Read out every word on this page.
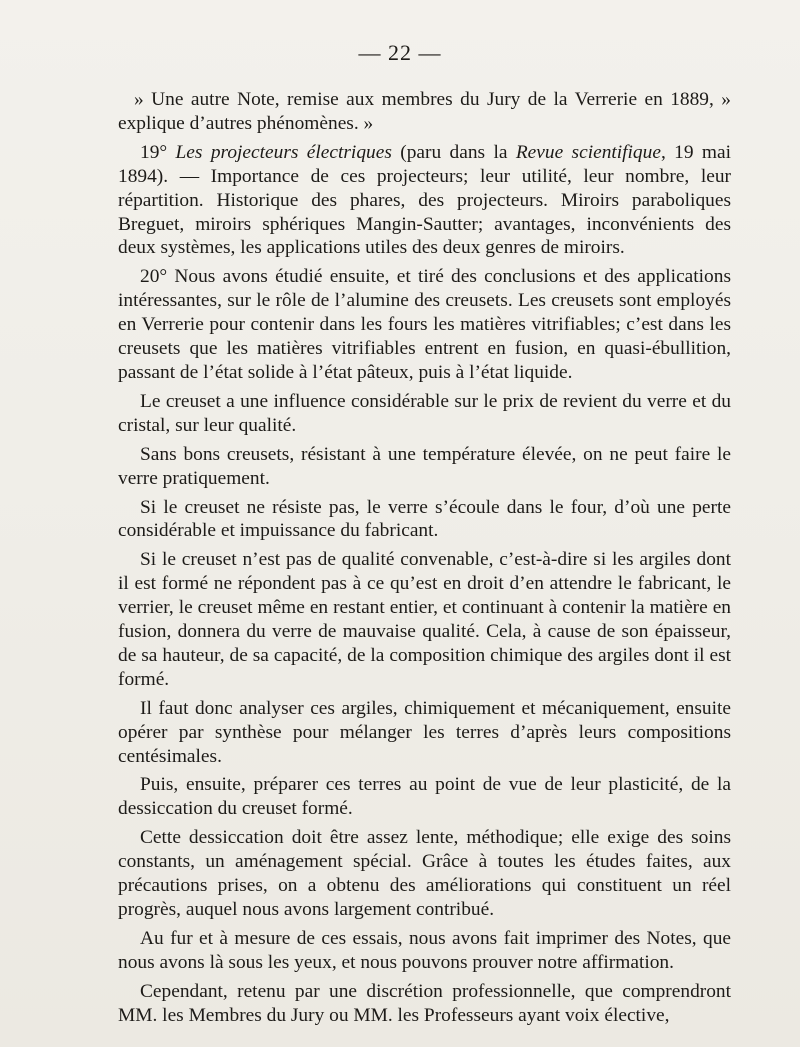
— 22 —

» Une autre Note, remise aux membres du Jury de la Verrerie en 1889, » explique d’autres phénomènes. »

19° Les projecteurs électriques (paru dans la Revue scientifique, 19 mai 1894). — Importance de ces projecteurs; leur utilité, leur nombre, leur répartition. Historique des phares, des projecteurs. Miroirs paraboliques Breguet, miroirs sphériques Mangin-Sautter; avantages, inconvénients des deux systèmes, les applications utiles des deux genres de miroirs.

20° Nous avons étudié ensuite, et tiré des conclusions et des applications intéressantes, sur le rôle de l’alumine des creusets. Les creusets sont employés en Verrerie pour contenir dans les fours les matières vitrifiables; c’est dans les creusets que les matières vitrifiables entrent en fusion, en quasi-ébullition, passant de l’état solide à l’état pâteux, puis à l’état liquide.

Le creuset a une influence considérable sur le prix de revient du verre et du cristal, sur leur qualité.

Sans bons creusets, résistant à une température élevée, on ne peut faire le verre pratiquement.

Si le creuset ne résiste pas, le verre s’écoule dans le four, d’où une perte considérable et impuissance du fabricant.

Si le creuset n’est pas de qualité convenable, c’est-à-dire si les argiles dont il est formé ne répondent pas à ce qu’est en droit d’en attendre le fabricant, le verrier, le creuset même en restant entier, et continuant à contenir la matière en fusion, donnera du verre de mauvaise qualité. Cela, à cause de son épaisseur, de sa hauteur, de sa capacité, de la composition chimique des argiles dont il est formé.

Il faut donc analyser ces argiles, chimiquement et mécaniquement, ensuite opérer par synthèse pour mélanger les terres d’après leurs compositions centésimales.

Puis, ensuite, préparer ces terres au point de vue de leur plasticité, de la dessiccation du creuset formé.

Cette dessiccation doit être assez lente, méthodique; elle exige des soins constants, un aménagement spécial. Grâce à toutes les études faites, aux précautions prises, on a obtenu des améliorations qui constituent un réel progrès, auquel nous avons largement contribué.

Au fur et à mesure de ces essais, nous avons fait imprimer des Notes, que nous avons là sous les yeux, et nous pouvons prouver notre affirmation.

Cependant, retenu par une discrétion professionnelle, que comprendront MM. les Membres du Jury ou MM. les Professeurs ayant voix élective,
